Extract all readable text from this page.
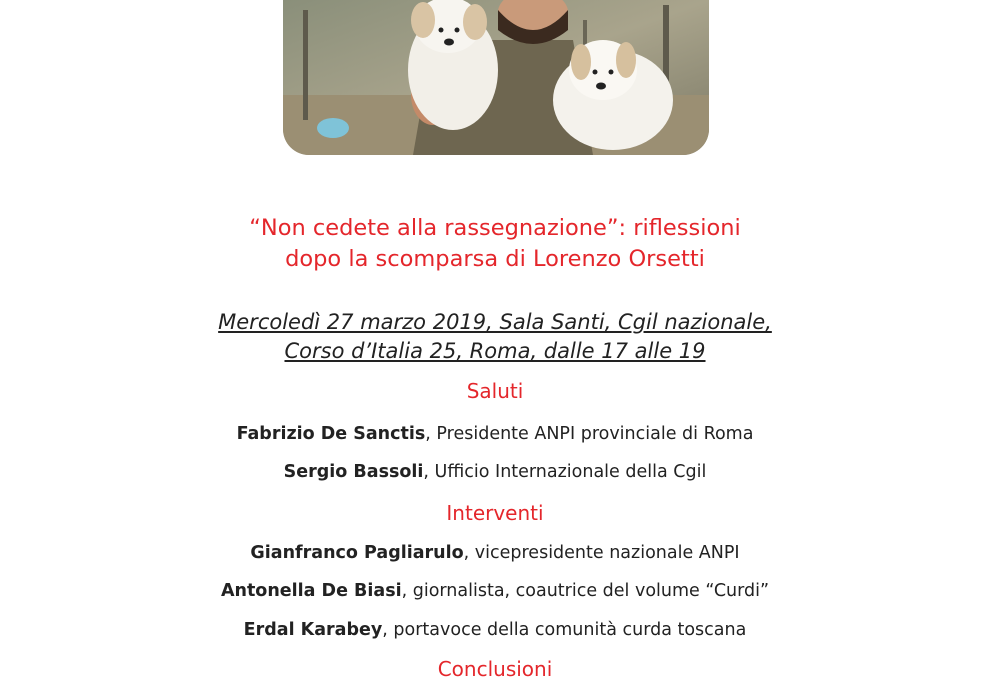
“Non cedete alla rassegnazione”: riflessioni
dopo la scomparsa di Lorenzo Orsetti
Mercoledì 27 marzo 2019, Sala Santi, Cgil nazionale,
Corso d’Italia 25, Roma, dalle 17 alle 19
Saluti
Fabrizio De Sanctis, Presidente ANPI provinciale di Roma
Sergio Bassoli, Ufficio Internazionale della Cgil
Interventi
Gianfranco Pagliarulo, vicepresidente nazionale ANPI
Antonella De Biasi, giornalista, coautrice del volume “Curdi”
Erdal Karabey, portavoce della comunità curda toscana
Conclusioni
